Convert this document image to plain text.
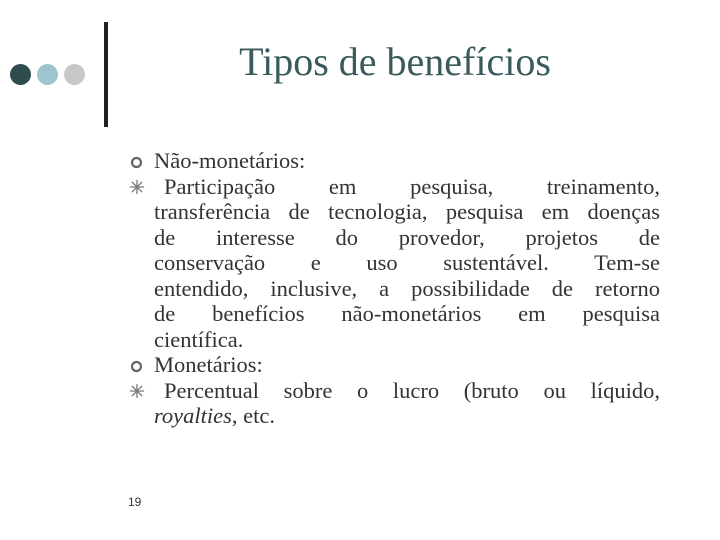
Tipos de benefícios
Não-monetários:
Participação em pesquisa, treinamento,
transferência de tecnologia, pesquisa em doenças
de interesse do provedor, projetos de
conservação e uso sustentável. Tem-se
entendido, inclusive, a possibilidade de retorno
de benefícios não-monetários em pesquisa
científica.
Monetários:
Percentual sobre o lucro (bruto ou líquido,
royalties, etc.
19
